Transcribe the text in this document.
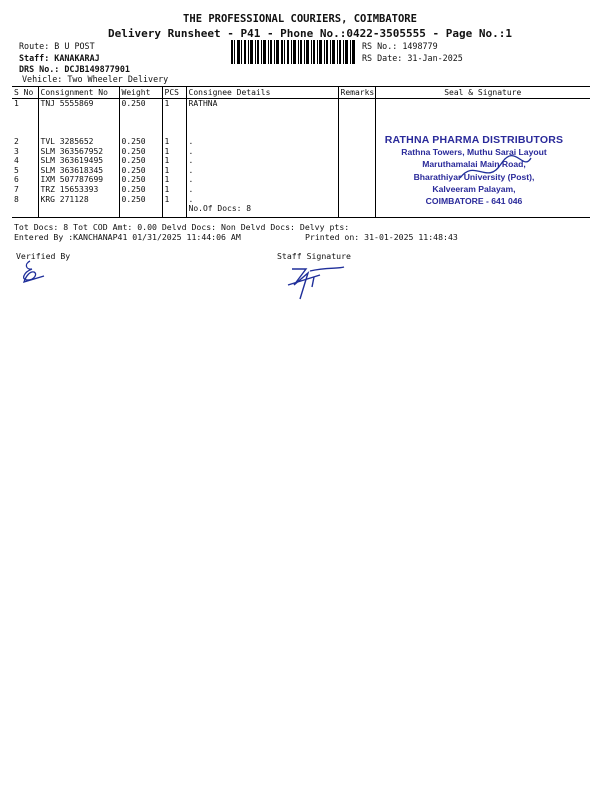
THE PROFESSIONAL COURIERS, COIMBATORE
Delivery Runsheet - P41 - Phone No.:0422-3505555 - Page No.:1
Route: B U POST
Staff: KANAKARAJ
DRS No.: DCJB149877901
Vehicle: Two Wheeler Delivery
RS No.: 1498779
RS Date: 31-Jan-2025
S No	Consignment No	Weight	PCS	Consignee Details	Remarks	Seal & Signature
1	TNJ 5555869	0.250	1	RATHNA		

2	TVL 3285652	0.250	1	.		
3	SLM 363567952	0.250	1	.		
4	SLM 363619495	0.250	1	.		
5	SLM 363618345	0.250	1	.		
6	IXM 507787699	0.250	1	.		
7	TRZ 15653393	0.250	1	.		
8	KRG 271128	0.250	1	.		
				No.Of Docs: 8		
RATHNA PHARMA DISTRIBUTORS
Rathna Towers, Muthu Sarai Layout
Maruthamalai Main Road,
Bharathiyar University (Post),
Kalveeram Palayam,
COIMBATORE - 641 046
Tot Docs: 8 Tot COD Amt: 0.00 Delvd Docs: Non Delvd Docs: Delvy pts:
Entered By :KANCHANAP41 01/31/2025 11:44:06 AM	Printed on: 31-01-2025 11:48:43
Verified By	Staff Signature
